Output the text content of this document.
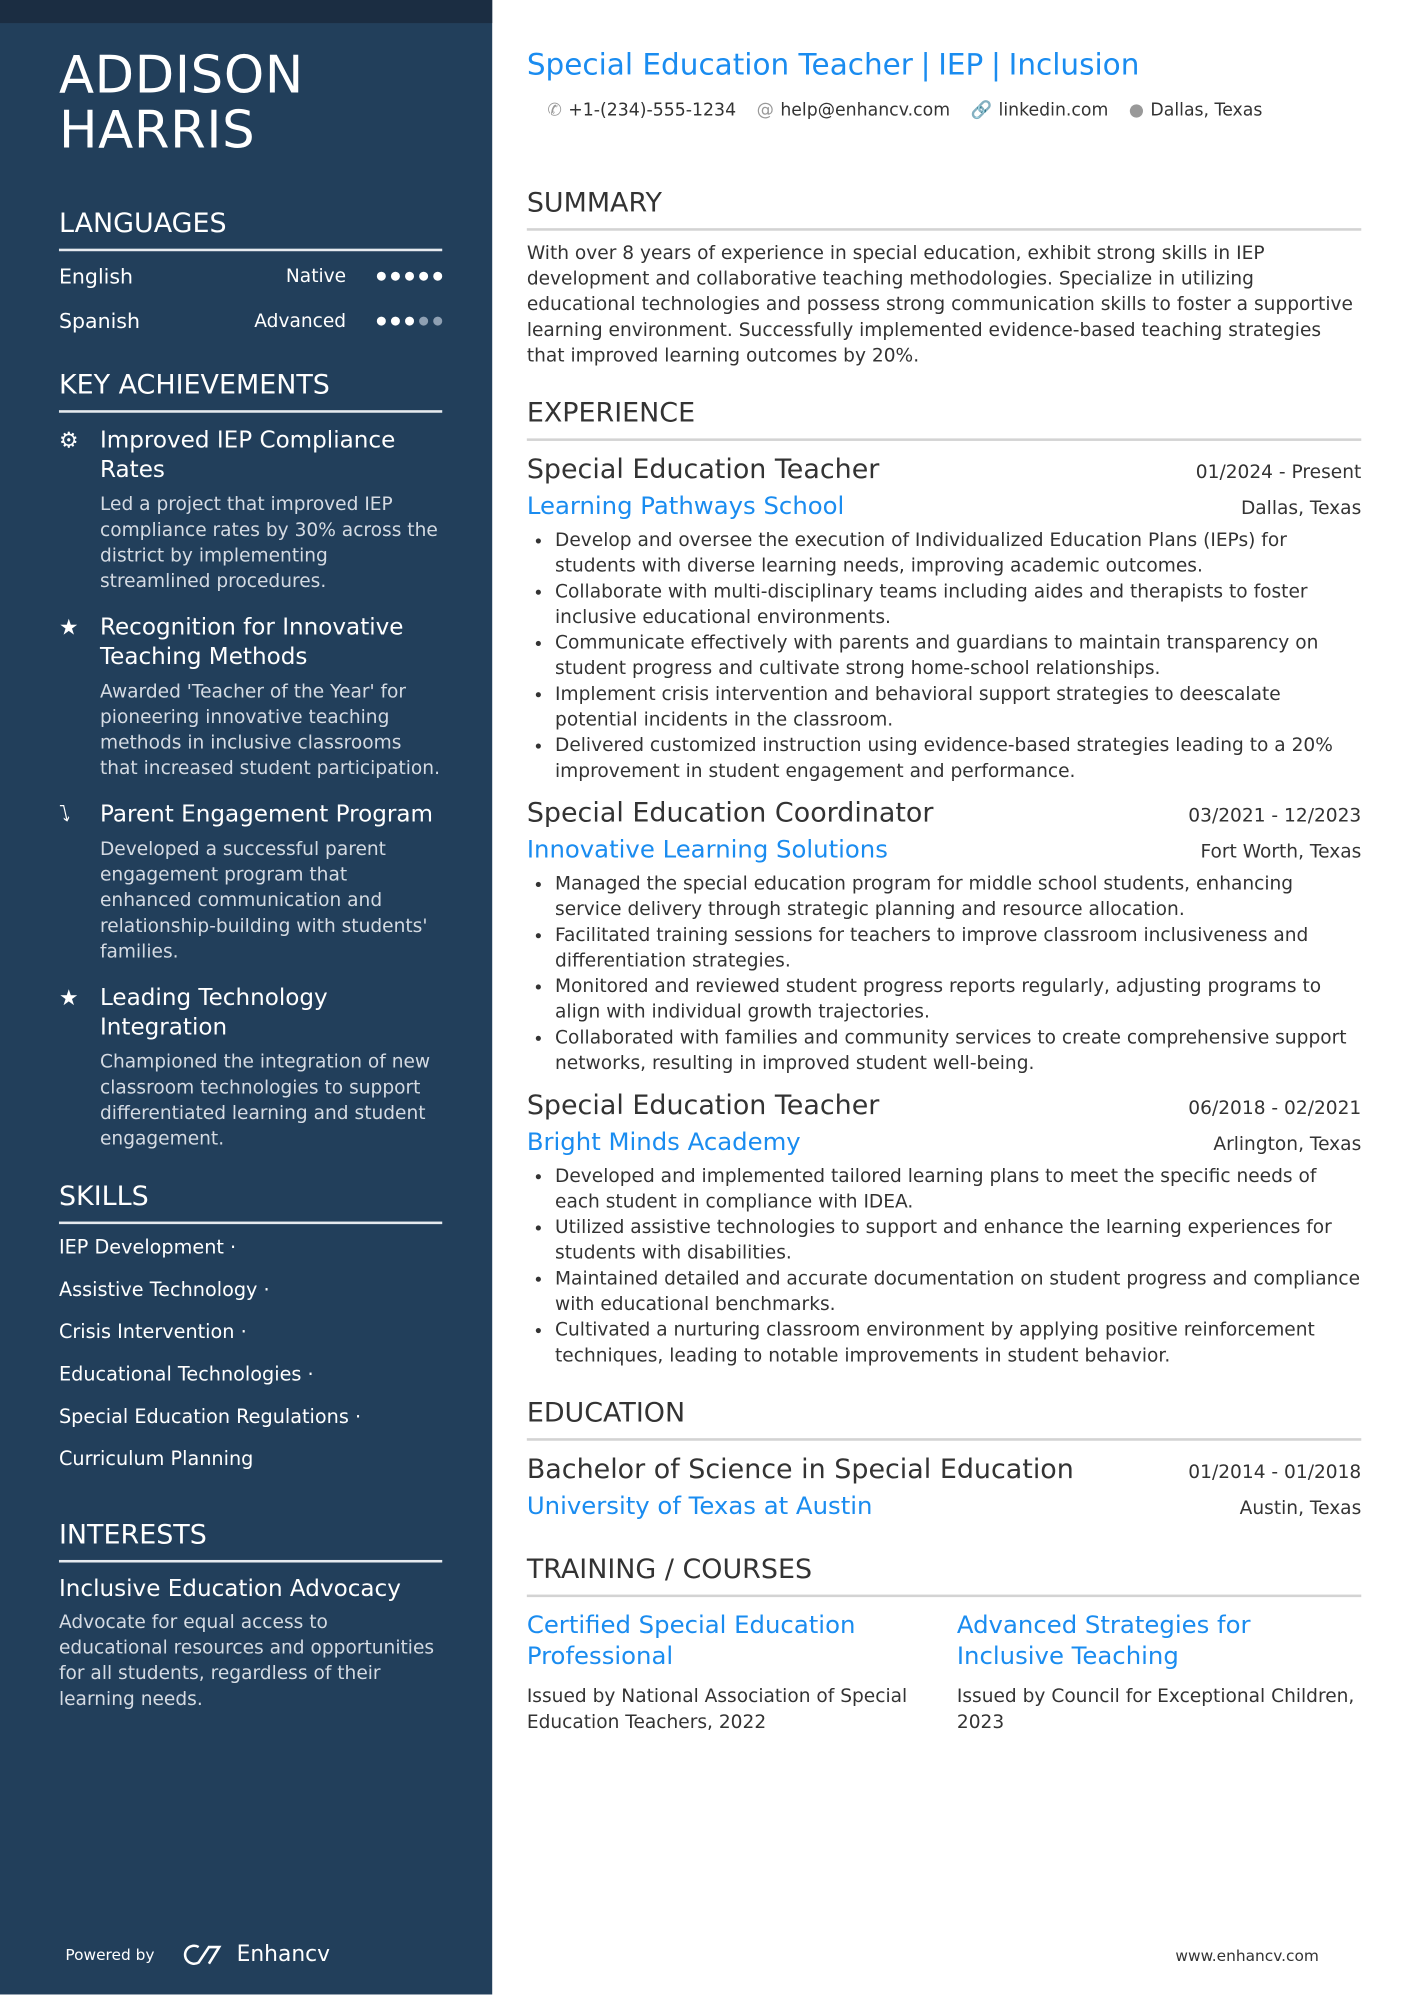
ADDISON
HARRIS
LANGUAGES
English	Native
Spanish	Advanced
KEY ACHIEVEMENTS
⚙	Improved IEP Compliance Rates
Led a project that improved IEP compliance rates by 30% across the district by implementing streamlined procedures.
★	Recognition for Innovative Teaching Methods
Awarded 'Teacher of the Year' for pioneering innovative teaching methods in inclusive classrooms that increased student participation.
⭝	Parent Engagement Program
Developed a successful parent engagement program that enhanced communication and relationship-building with students' families.
★	Leading Technology Integration
Championed the integration of new classroom technologies to support differentiated learning and student engagement.
SKILLS
IEP Development ·
Assistive Technology ·
Crisis Intervention ·
Educational Technologies ·
Special Education Regulations ·
Curriculum Planning
INTERESTS
Inclusive Education Advocacy
Advocate for equal access to educational resources and opportunities for all students, regardless of their learning needs.
Powered by	Enhancv
Special Education Teacher | IEP | Inclusion
✆ +1-(234)-555-1234 @ help@enhancv.com 🔗 linkedin.com ● Dallas, Texas
SUMMARY
With over 8 years of experience in special education, exhibit strong skills in IEP development and collaborative teaching methodologies. Specialize in utilizing educational technologies and possess strong communication skills to foster a supportive learning environment. Successfully implemented evidence-based teaching strategies that improved learning outcomes by 20%.
EXPERIENCE
Special Education Teacher	01/2024 - Present
Learning Pathways School	Dallas, Texas
• Develop and oversee the execution of Individualized Education Plans (IEPs) for students with diverse learning needs, improving academic outcomes.
• Collaborate with multi-disciplinary teams including aides and therapists to foster inclusive educational environments.
• Communicate effectively with parents and guardians to maintain transparency on student progress and cultivate strong home-school relationships.
• Implement crisis intervention and behavioral support strategies to deescalate potential incidents in the classroom.
• Delivered customized instruction using evidence-based strategies leading to a 20% improvement in student engagement and performance.
Special Education Coordinator	03/2021 - 12/2023
Innovative Learning Solutions	Fort Worth, Texas
• Managed the special education program for middle school students, enhancing service delivery through strategic planning and resource allocation.
• Facilitated training sessions for teachers to improve classroom inclusiveness and differentiation strategies.
• Monitored and reviewed student progress reports regularly, adjusting programs to align with individual growth trajectories.
• Collaborated with families and community services to create comprehensive support networks, resulting in improved student well-being.
Special Education Teacher	06/2018 - 02/2021
Bright Minds Academy	Arlington, Texas
• Developed and implemented tailored learning plans to meet the specific needs of each student in compliance with IDEA.
• Utilized assistive technologies to support and enhance the learning experiences for students with disabilities.
• Maintained detailed and accurate documentation on student progress and compliance with educational benchmarks.
• Cultivated a nurturing classroom environment by applying positive reinforcement techniques, leading to notable improvements in student behavior.
EDUCATION
Bachelor of Science in Special Education	01/2014 - 01/2018
University of Texas at Austin	Austin, Texas
TRAINING / COURSES
Certified Special Education Professional
Issued by National Association of Special Education Teachers, 2022
Advanced Strategies for Inclusive Teaching
Issued by Council for Exceptional Children, 2023
www.enhancv.com
